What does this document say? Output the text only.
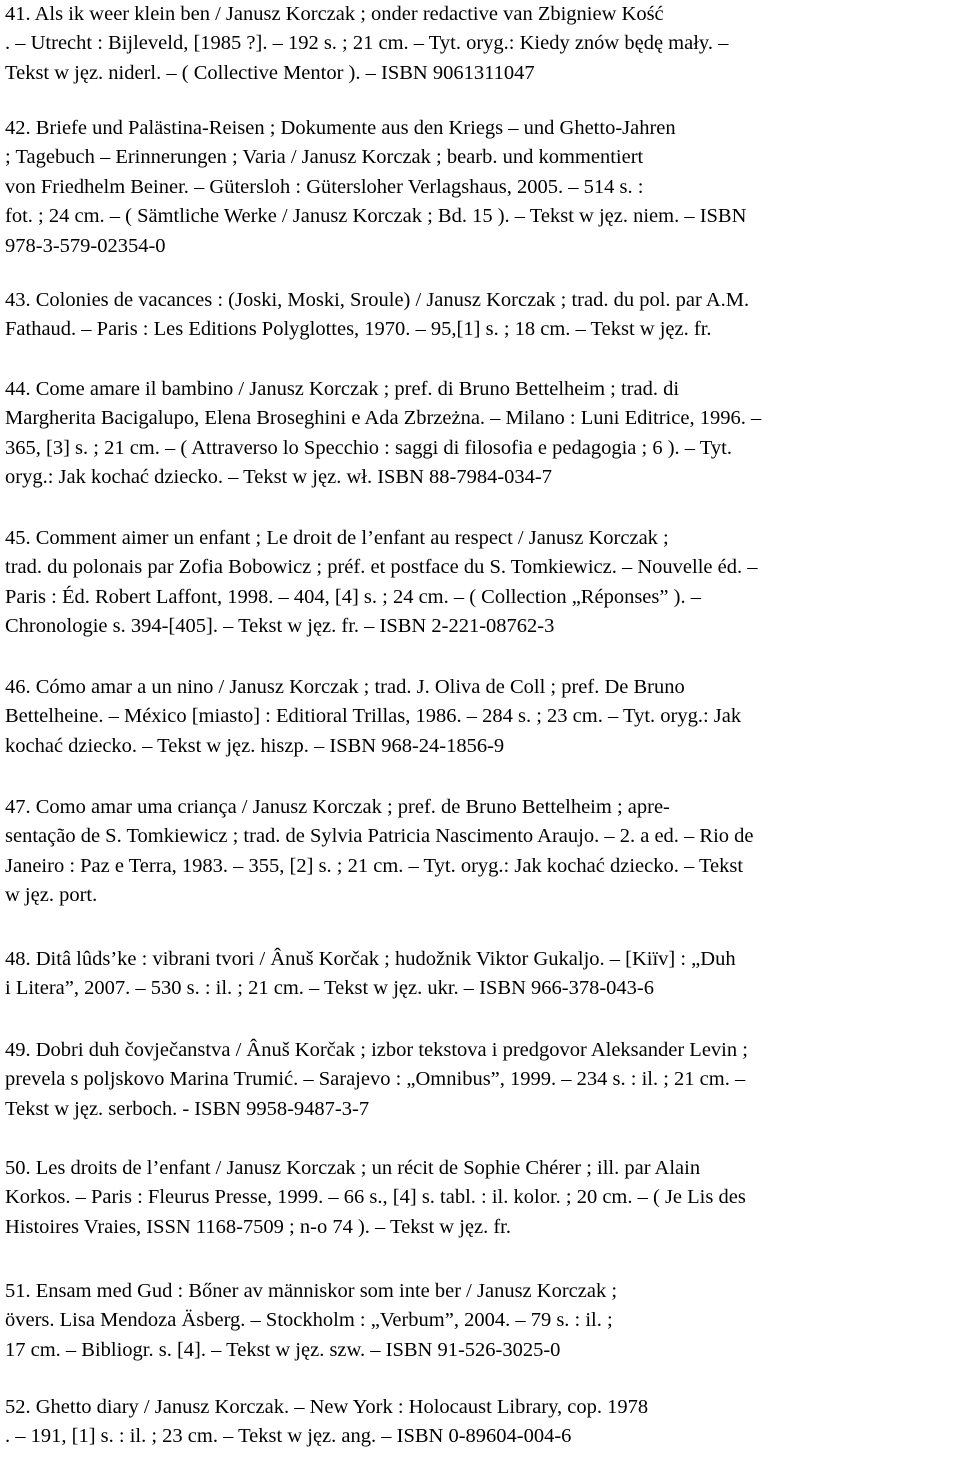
41. Als ik weer klein ben / Janusz Korczak ; onder redactive van Zbigniew Kość
. – Utrecht : Bijleveld, [1985 ?]. – 192 s. ; 21 cm. – Tyt. oryg.: Kiedy znów będę mały. –
Tekst w jęz. niderl. – ( Collective Mentor ). – ISBN 9061311047
42. Briefe und Palästina-Reisen ; Dokumente aus den Kriegs – und Ghetto-Jahren
; Tagebuch – Erinnerungen ; Varia / Janusz Korczak ; bearb. und kommentiert
von Friedhelm Beiner. – Gütersloh : Gütersloher Verlagshaus, 2005. – 514 s. :
fot. ; 24 cm. – ( Sämtliche Werke / Janusz Korczak ; Bd. 15 ). – Tekst w jęz. niem. – ISBN
978-3-579-02354-0
43. Colonies de vacances : (Joski, Moski, Sroule) / Janusz Korczak ; trad. du pol. par A.M.
Fathaud. – Paris : Les Editions Polyglottes, 1970. – 95,[1] s. ; 18 cm. – Tekst w jęz. fr.
44. Come amare il bambino / Janusz Korczak ; pref. di Bruno Bettelheim ; trad. di
Margherita Bacigalupo, Elena Broseghini e Ada Zbrzeżna. – Milano : Luni Editrice, 1996. –
365, [3] s. ; 21 cm. – ( Attraverso lo Specchio : saggi di filosofia e pedagogia ; 6 ). – Tyt.
oryg.: Jak kochać dziecko. – Tekst w jęz. wł. ISBN 88-7984-034-7
45. Comment aimer un enfant ; Le droit de l’enfant au respect / Janusz Korczak ;
trad. du polonais par Zofia Bobowicz ; préf. et postface du S. Tomkiewicz. – Nouvelle éd. –
Paris : Éd. Robert Laffont, 1998. – 404, [4] s. ; 24 cm. – ( Collection „Réponses” ). –
Chronologie s. 394-[405]. – Tekst w jęz. fr. – ISBN 2-221-08762-3
46. Cómo amar a un nino / Janusz Korczak ; trad. J. Oliva de Coll ; pref. De Bruno
Bettelheine. – México [miasto] : Editioral Trillas, 1986. – 284 s. ; 23 cm. – Tyt. oryg.: Jak
kochać dziecko. – Tekst w jęz. hiszp. – ISBN 968-24-1856-9
47. Como amar uma criança / Janusz Korczak ; pref. de Bruno Bettelheim ; apre-
sentação de S. Tomkiewicz ; trad. de Sylvia Patricia Nascimento Araujo. – 2. a ed. – Rio de
Janeiro : Paz e Terra, 1983. – 355, [2] s. ; 21 cm. – Tyt. oryg.: Jak kochać dziecko. – Tekst
w jęz. port.
48. Ditâ lûds’ke : vibrani tvori / Ânuš Korčak ; hudožnik Viktor Gukaljo. – [Kiïv] : „Duh
i Litera”, 2007. – 530 s. : il. ; 21 cm. – Tekst w jęz. ukr. – ISBN 966-378-043-6
49. Dobri duh čovječanstva / Ânuš Korčak ; izbor tekstova i predgovor Aleksander Levin ;
prevela s poljskovo Marina Trumić. – Sarajevo : „Omnibus”, 1999. – 234 s. : il. ; 21 cm. –
Tekst w jęz. serboch. - ISBN 9958-9487-3-7
50. Les droits de l’enfant / Janusz Korczak ; un récit de Sophie Chérer ; ill. par Alain
Korkos. – Paris : Fleurus Presse, 1999. – 66 s., [4] s. tabl. : il. kolor. ; 20 cm. – ( Je Lis des
Histoires Vraies, ISSN 1168-7509 ; n-o 74 ). – Tekst w jęz. fr.
51. Ensam med Gud : Bőner av människor som inte ber / Janusz Korczak ;
övers. Lisa Mendoza Äsberg. – Stockholm : „Verbum”, 2004. – 79 s. : il. ;
17 cm. – Bibliogr. s. [4]. – Tekst w jęz. szw. – ISBN 91-526-3025-0
52. Ghetto diary / Janusz Korczak. – New York : Holocaust Library, cop. 1978
. – 191, [1] s. : il. ; 23 cm. – Tekst w jęz. ang. – ISBN 0-89604-004-6
